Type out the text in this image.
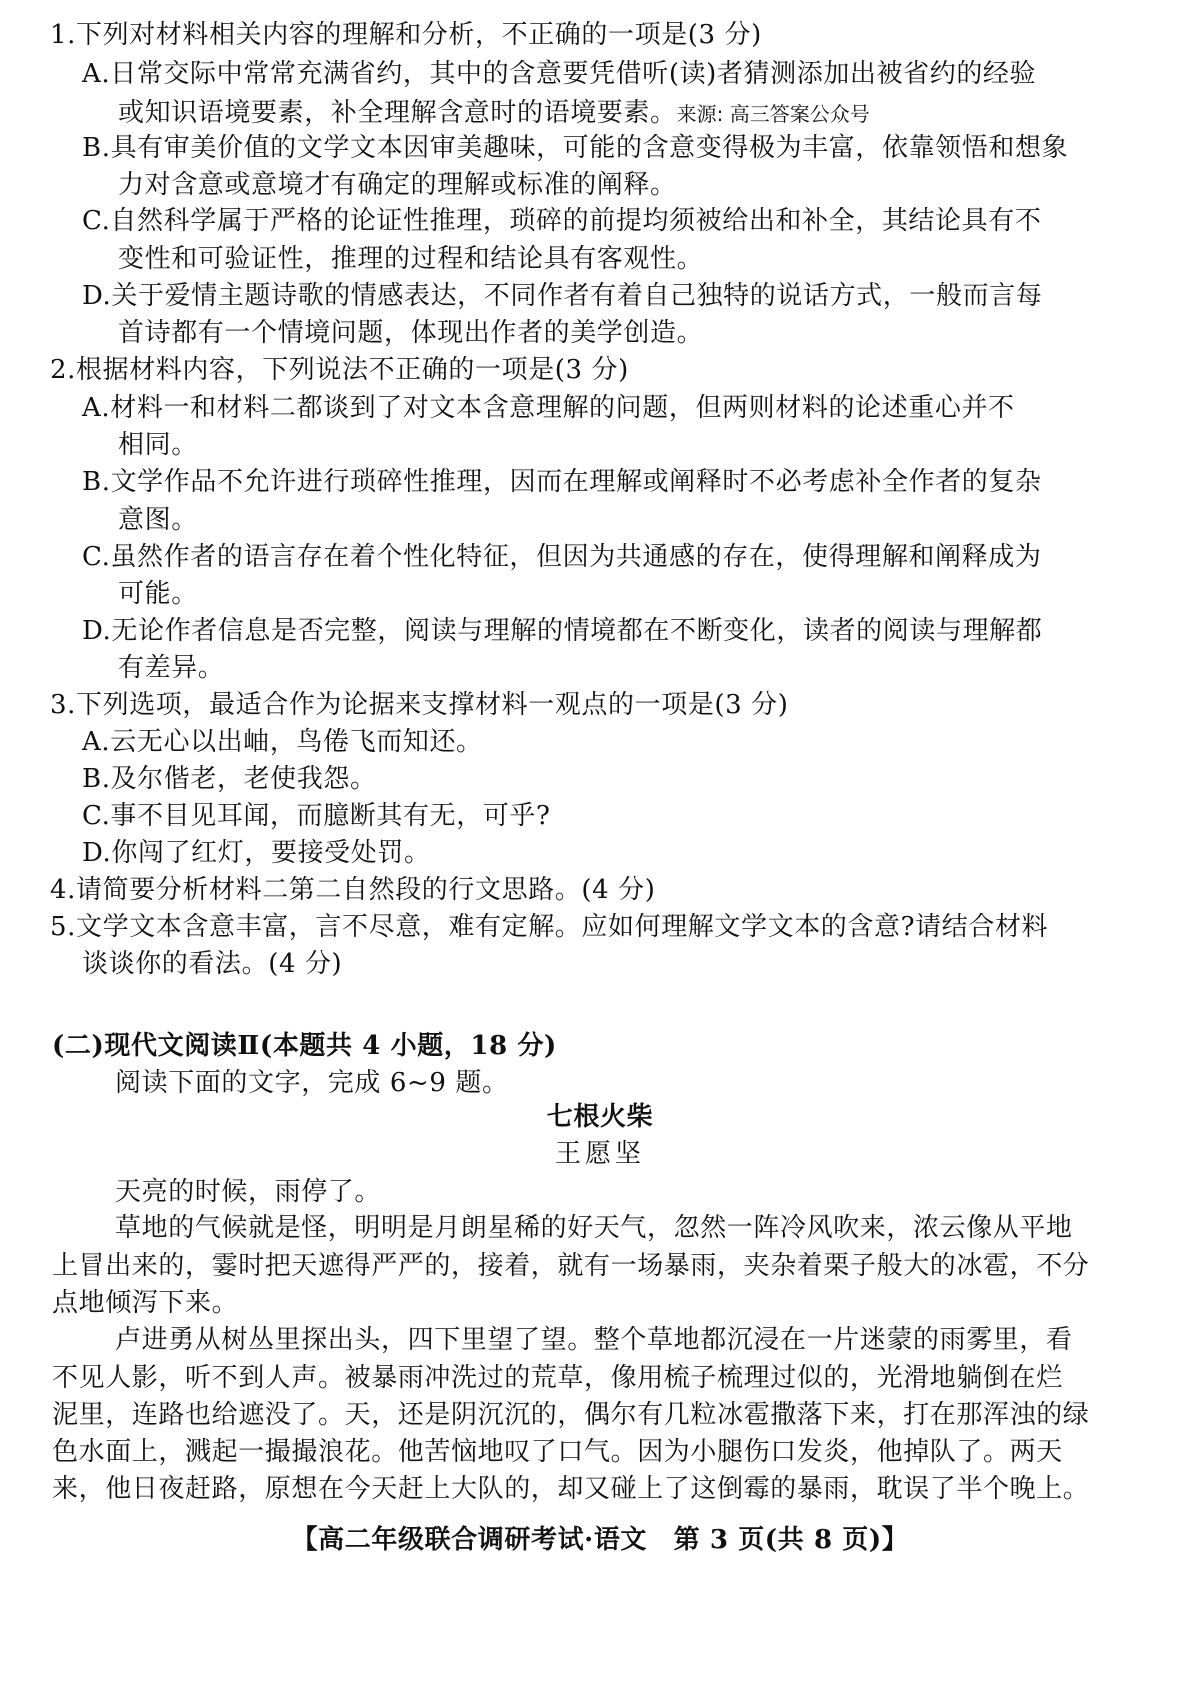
1.下列对材料相关内容的理解和分析，不正确的一项是(3 分)
A.日常交际中常常充满省约，其中的含意要凭借听(读)者猜测添加出被省约的经验
或知识语境要素，补全理解含意时的语境要素。来源: 高三答案公众号
B.具有审美价值的文学文本因审美趣味，可能的含意变得极为丰富，依靠领悟和想象
力对含意或意境才有确定的理解或标准的阐释。
C.自然科学属于严格的论证性推理，琐碎的前提均须被给出和补全，其结论具有不
变性和可验证性，推理的过程和结论具有客观性。
D.关于爱情主题诗歌的情感表达，不同作者有着自己独特的说话方式，一般而言每
首诗都有一个情境问题，体现出作者的美学创造。
2.根据材料内容，下列说法不正确的一项是(3 分)
A.材料一和材料二都谈到了对文本含意理解的问题，但两则材料的论述重心并不
相同。
B.文学作品不允许进行琐碎性推理，因而在理解或阐释时不必考虑补全作者的复杂
意图。
C.虽然作者的语言存在着个性化特征，但因为共通感的存在，使得理解和阐释成为
可能。
D.无论作者信息是否完整，阅读与理解的情境都在不断变化，读者的阅读与理解都
有差异。
3.下列选项，最适合作为论据来支撑材料一观点的一项是(3 分)
A.云无心以出岫，鸟倦飞而知还。
B.及尔偕老，老使我怨。
C.事不目见耳闻，而臆断其有无，可乎?
D.你闯了红灯，要接受处罚。
4.请简要分析材料二第二自然段的行文思路。(4 分)
5.文学文本含意丰富，言不尽意，难有定解。应如何理解文学文本的含意?请结合材料
谈谈你的看法。(4 分)
(二)现代文阅读Ⅱ(本题共 4 小题，18 分)
阅读下面的文字，完成 6~9 题。
七根火柴
王愿坚
天亮的时候，雨停了。
草地的气候就是怪，明明是月朗星稀的好天气，忽然一阵冷风吹来，浓云像从平地
上冒出来的，霎时把天遮得严严的，接着，就有一场暴雨，夹杂着栗子般大的冰雹，不分
点地倾泻下来。
卢进勇从树丛里探出头，四下里望了望。整个草地都沉浸在一片迷蒙的雨雾里，看
不见人影，听不到人声。被暴雨冲洗过的荒草，像用梳子梳理过似的，光滑地躺倒在烂
泥里，连路也给遮没了。天，还是阴沉沉的，偶尔有几粒冰雹撒落下来，打在那浑浊的绿
色水面上，溅起一撮撮浪花。他苦恼地叹了口气。因为小腿伤口发炎，他掉队了。两天
来，他日夜赶路，原想在今天赶上大队的，却又碰上了这倒霉的暴雨，耽误了半个晚上。
【高二年级联合调研考试·语文　第 3 页(共 8 页)】
